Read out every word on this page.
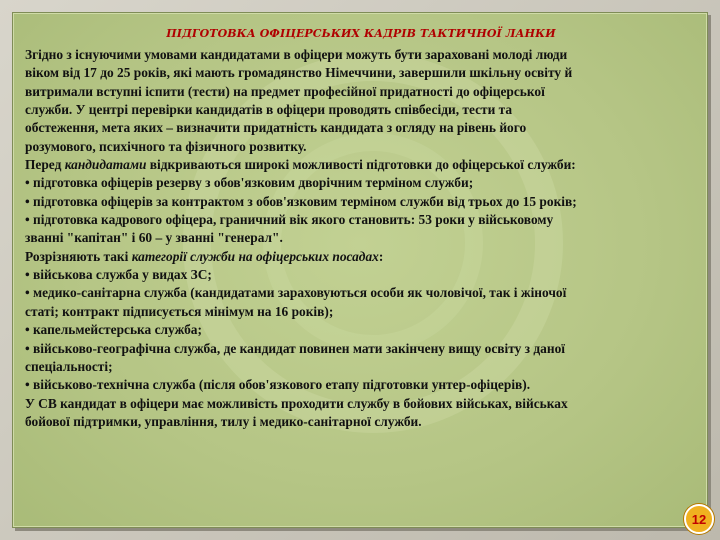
ПІДГОТОВКА ОФІЦЕРСЬКИХ КАДРІВ ТАКТИЧНОЇ ЛАНКИ
Згідно з існуючими умовами кандидатами в офіцери можуть бути зараховані молоді люди
віком від 17 до 25 років, які мають громадянство Німеччини, завершили шкільну освіту й
витримали вступні іспити (тести) на предмет професійної придатності до офіцерської
служби. У центрі перевірки кандидатів в офіцери проводять співбесіди, тести та
обстеження, мета яких – визначити придатність кандидата з огляду на рівень його
розумового, психічного та фізичного розвитку.
Перед кандидатами відкриваються широкі можливості підготовки до офіцерської служби:
• підготовка офіцерів резерву з обов'язковим дворічним терміном служби;
• підготовка офіцерів за контрактом з обов'язковим терміном служби від трьох до 15 років;
• підготовка кадрового офіцера, граничний вік якого становить: 53 роки у військовому
званні "капітан" і 60 – у званні "генерал".
Розрізняють такі категорії служби на офіцерських посадах:
• військова служба у видах ЗС;
• медико-санітарна служба (кандидатами зараховуються особи як чоловічої, так і жіночої
статі; контракт підписується мінімум на 16 років);
• капельмейстерська служба;
• військово-географічна служба, де кандидат повинен мати закінчену вищу освіту з даної
спеціальності;
• військово-технічна служба (після обов'язкового етапу підготовки унтер-офіцерів).
У СВ кандидат в офіцери має можливість проходити службу в бойових військах, військах
бойової підтримки, управління, тилу і медико-санітарної служби.
12
